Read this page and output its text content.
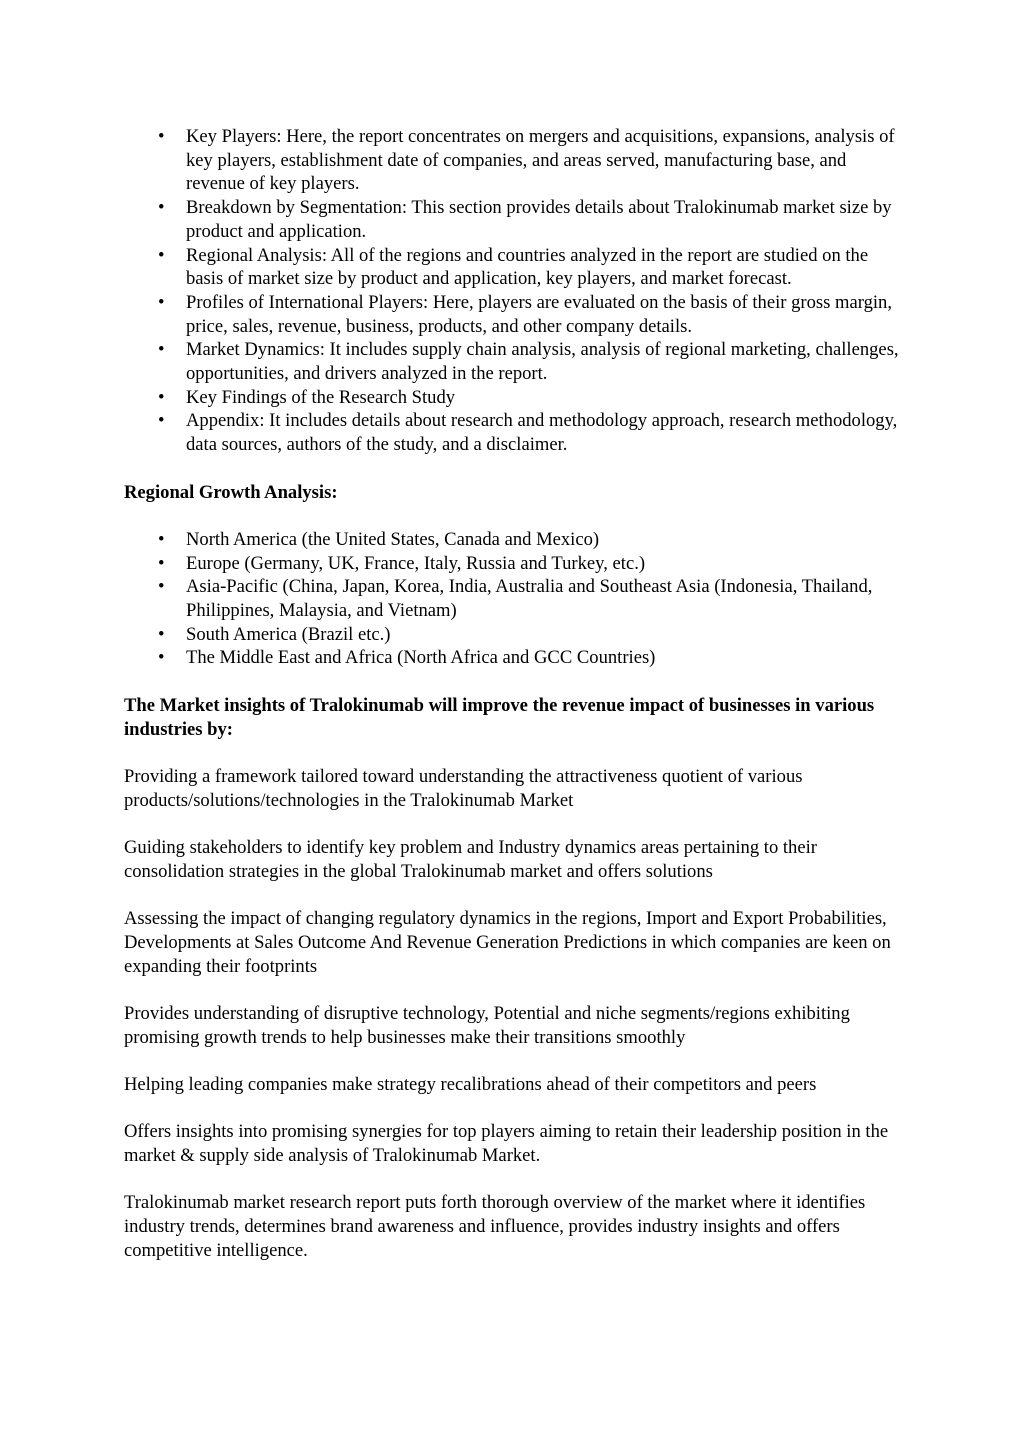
• Key Players: Here, the report concentrates on mergers and acquisitions, expansions, analysis of key players, establishment date of companies, and areas served, manufacturing base, and revenue of key players.
• Breakdown by Segmentation: This section provides details about Tralokinumab market size by product and application.
• Regional Analysis: All of the regions and countries analyzed in the report are studied on the basis of market size by product and application, key players, and market forecast.
• Profiles of International Players: Here, players are evaluated on the basis of their gross margin, price, sales, revenue, business, products, and other company details.
• Market Dynamics: It includes supply chain analysis, analysis of regional marketing, challenges, opportunities, and drivers analyzed in the report.
• Key Findings of the Research Study
• Appendix: It includes details about research and methodology approach, research methodology, data sources, authors of the study, and a disclaimer.

Regional Growth Analysis:

• North America (the United States, Canada and Mexico)
• Europe (Germany, UK, France, Italy, Russia and Turkey, etc.)
• Asia-Pacific (China, Japan, Korea, India, Australia and Southeast Asia (Indonesia, Thailand, Philippines, Malaysia, and Vietnam)
• South America (Brazil etc.)
• The Middle East and Africa (North Africa and GCC Countries)

The Market insights of Tralokinumab will improve the revenue impact of businesses in various industries by:

Providing a framework tailored toward understanding the attractiveness quotient of various products/solutions/technologies in the Tralokinumab Market

Guiding stakeholders to identify key problem and Industry dynamics areas pertaining to their consolidation strategies in the global Tralokinumab market and offers solutions

Assessing the impact of changing regulatory dynamics in the regions, Import and Export Probabilities, Developments at Sales Outcome And Revenue Generation Predictions in which companies are keen on expanding their footprints

Provides understanding of disruptive technology, Potential and niche segments/regions exhibiting promising growth trends to help businesses make their transitions smoothly

Helping leading companies make strategy recalibrations ahead of their competitors and peers

Offers insights into promising synergies for top players aiming to retain their leadership position in the market & supply side analysis of Tralokinumab Market.

Tralokinumab market research report puts forth thorough overview of the market where it identifies industry trends, determines brand awareness and influence, provides industry insights and offers competitive intelligence.
